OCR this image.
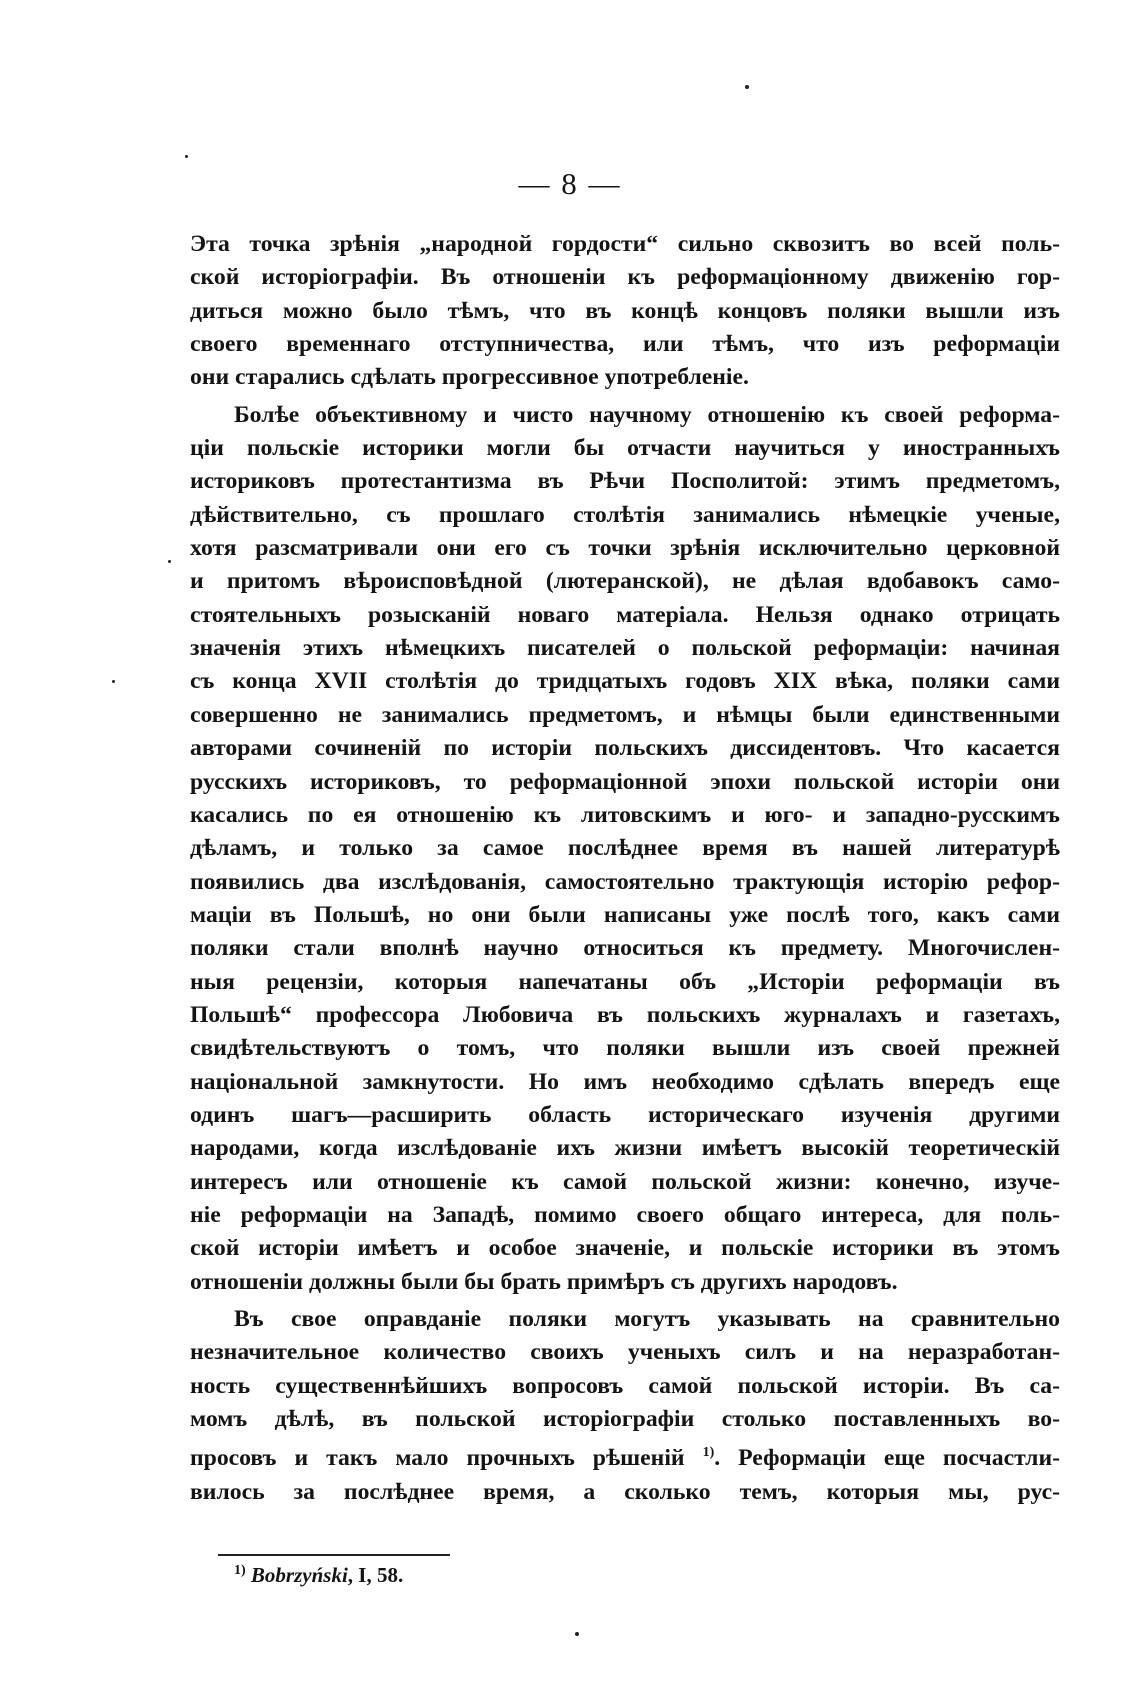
— 8 —
Эта точка зрѣнія „народной гордости“ сильно сквозитъ во всей поль-
ской исторіографіи. Въ отношеніи къ реформаціонному движенію гор-
диться можно было тѣмъ, что въ концѣ концовъ поляки вышли изъ
своего временнаго отступничества, или тѣмъ, что изъ реформаціи
они старались сдѣлать прогрессивное употребленіе.
Болѣе объективному и чисто научному отношенію къ своей реформа-
ціи польскіе историки могли бы отчасти научиться у иностранныхъ
историковъ протестантизма въ Рѣчи Посполитой: этимъ предметомъ,
дѣйствительно, съ прошлаго столѣтія занимались нѣмецкіе ученые,
хотя разсматривали они его съ точки зрѣнія исключительно церковной
и притомъ вѣроисповѣдной (лютеранской), не дѣлая вдобавокъ само-
стоятельныхъ розысканій новаго матеріала. Нельзя однако отрицать
значенія этихъ нѣмецкихъ писателей о польской реформаціи: начиная
съ конца XVII столѣтія до тридцатыхъ годовъ XIX вѣка, поляки сами
совершенно не занимались предметомъ, и нѣмцы были единственными
авторами сочиненій по исторіи польскихъ диссидентовъ. Что касается
русскихъ историковъ, то реформаціонной эпохи польской исторіи они
касались по ея отношенію къ литовскимъ и юго- и западно-русскимъ
дѣламъ, и только за самое послѣднее время въ нашей литературѣ
появились два изслѣдованія, самостоятельно трактующія исторію рефор-
маціи въ Польшѣ, но они были написаны уже послѣ того, какъ сами
поляки стали вполнѣ научно относиться къ предмету. Многочислен-
ныя рецензіи, которыя напечатаны объ „Исторіи реформаціи въ
Польшѣ“ профессора Любовича въ польскихъ журналахъ и газетахъ,
свидѣтельствуютъ о томъ, что поляки вышли изъ своей прежней
національной замкнутости. Но имъ необходимо сдѣлать впередъ еще
одинъ шагъ—расширить область историческаго изученія другими
народами, когда изслѣдованіе ихъ жизни имѣетъ высокій теоретическій
интересъ или отношеніе къ самой польской жизни: конечно, изуче-
ніе реформаціи на Западѣ, помимо своего общаго интереса, для поль-
ской исторіи имѣетъ и особое значеніе, и польскіе историки въ этомъ
отношеніи должны были бы брать примѣръ съ другихъ народовъ.
Въ свое оправданіе поляки могутъ указывать на сравнительно
незначительное количество своихъ ученыхъ силъ и на неразработан-
ность существеннѣйшихъ вопросовъ самой польской исторіи. Въ са-
момъ дѣлѣ, въ польской исторіографіи столько поставленныхъ во-
просовъ и такъ мало прочныхъ рѣшеній $^{1)}$. Реформаціи еще посчастли-
вилось за послѣднее время, а сколько темъ, которыя мы, рус-
$^{1)}$ Bobrzyński, I, 58.
